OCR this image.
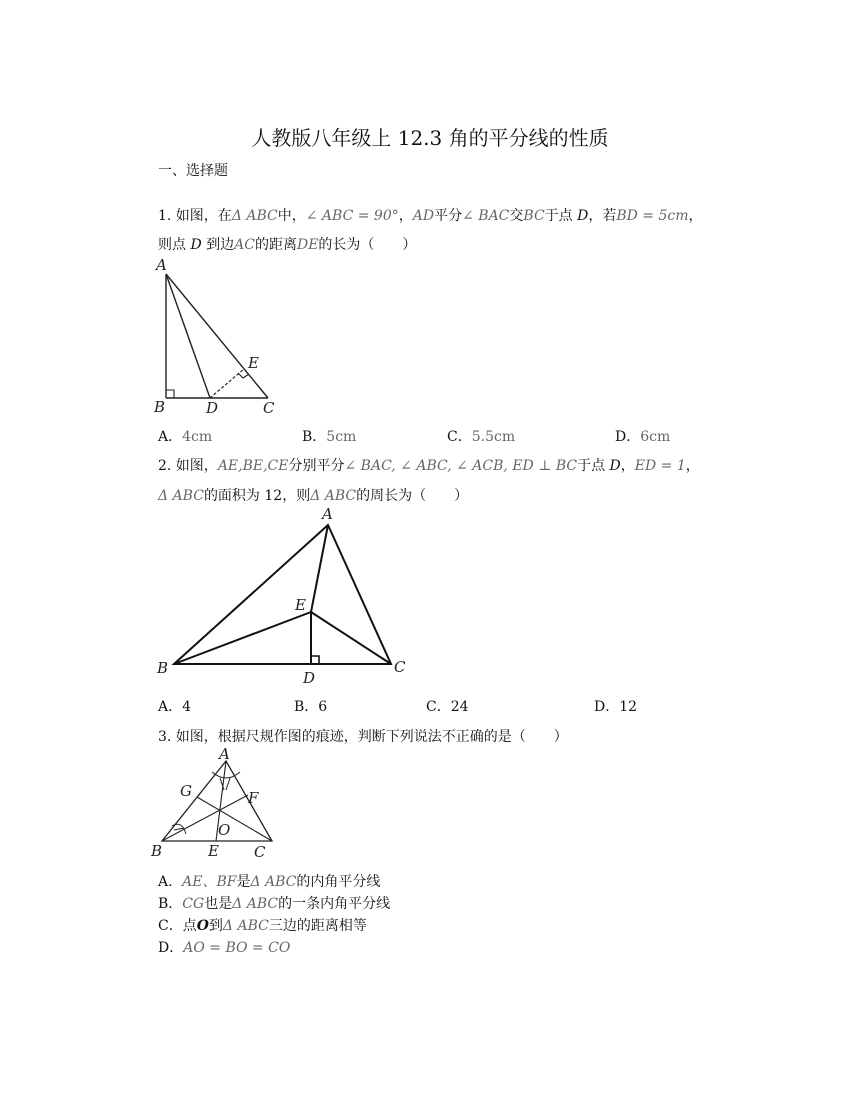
人教版八年级上 12.3 角的平分线的性质
一、选择题
1. 如图，在Δ ABC中，∠ ABC = 90°，AD平分∠ BAC交BC于点 D，若BD = 5cm，
则点 D 到边AC的距离DE的长为（　　）
A
B	D	C
E
A．4cm	B．5cm	C．5.5cm	D．6cm
2. 如图，AE,BE,CE分别平分∠ BAC, ∠ ABC, ∠ ACB, ED ⊥ BC于点 D，ED = 1，
Δ ABC的面积为 12，则Δ ABC的周长为（　　）
A
B	C
D
E
A．4	B．6	C．24	D．12
3. 如图，根据尺规作图的痕迹，判断下列说法不正确的是（　　）
A
B	C
E
F
G
O
A．AE、BF是Δ ABC的内角平分线
B．CG也是Δ ABC的一条内角平分线
C．点O到Δ ABC三边的距离相等
D．AO = BO = CO
